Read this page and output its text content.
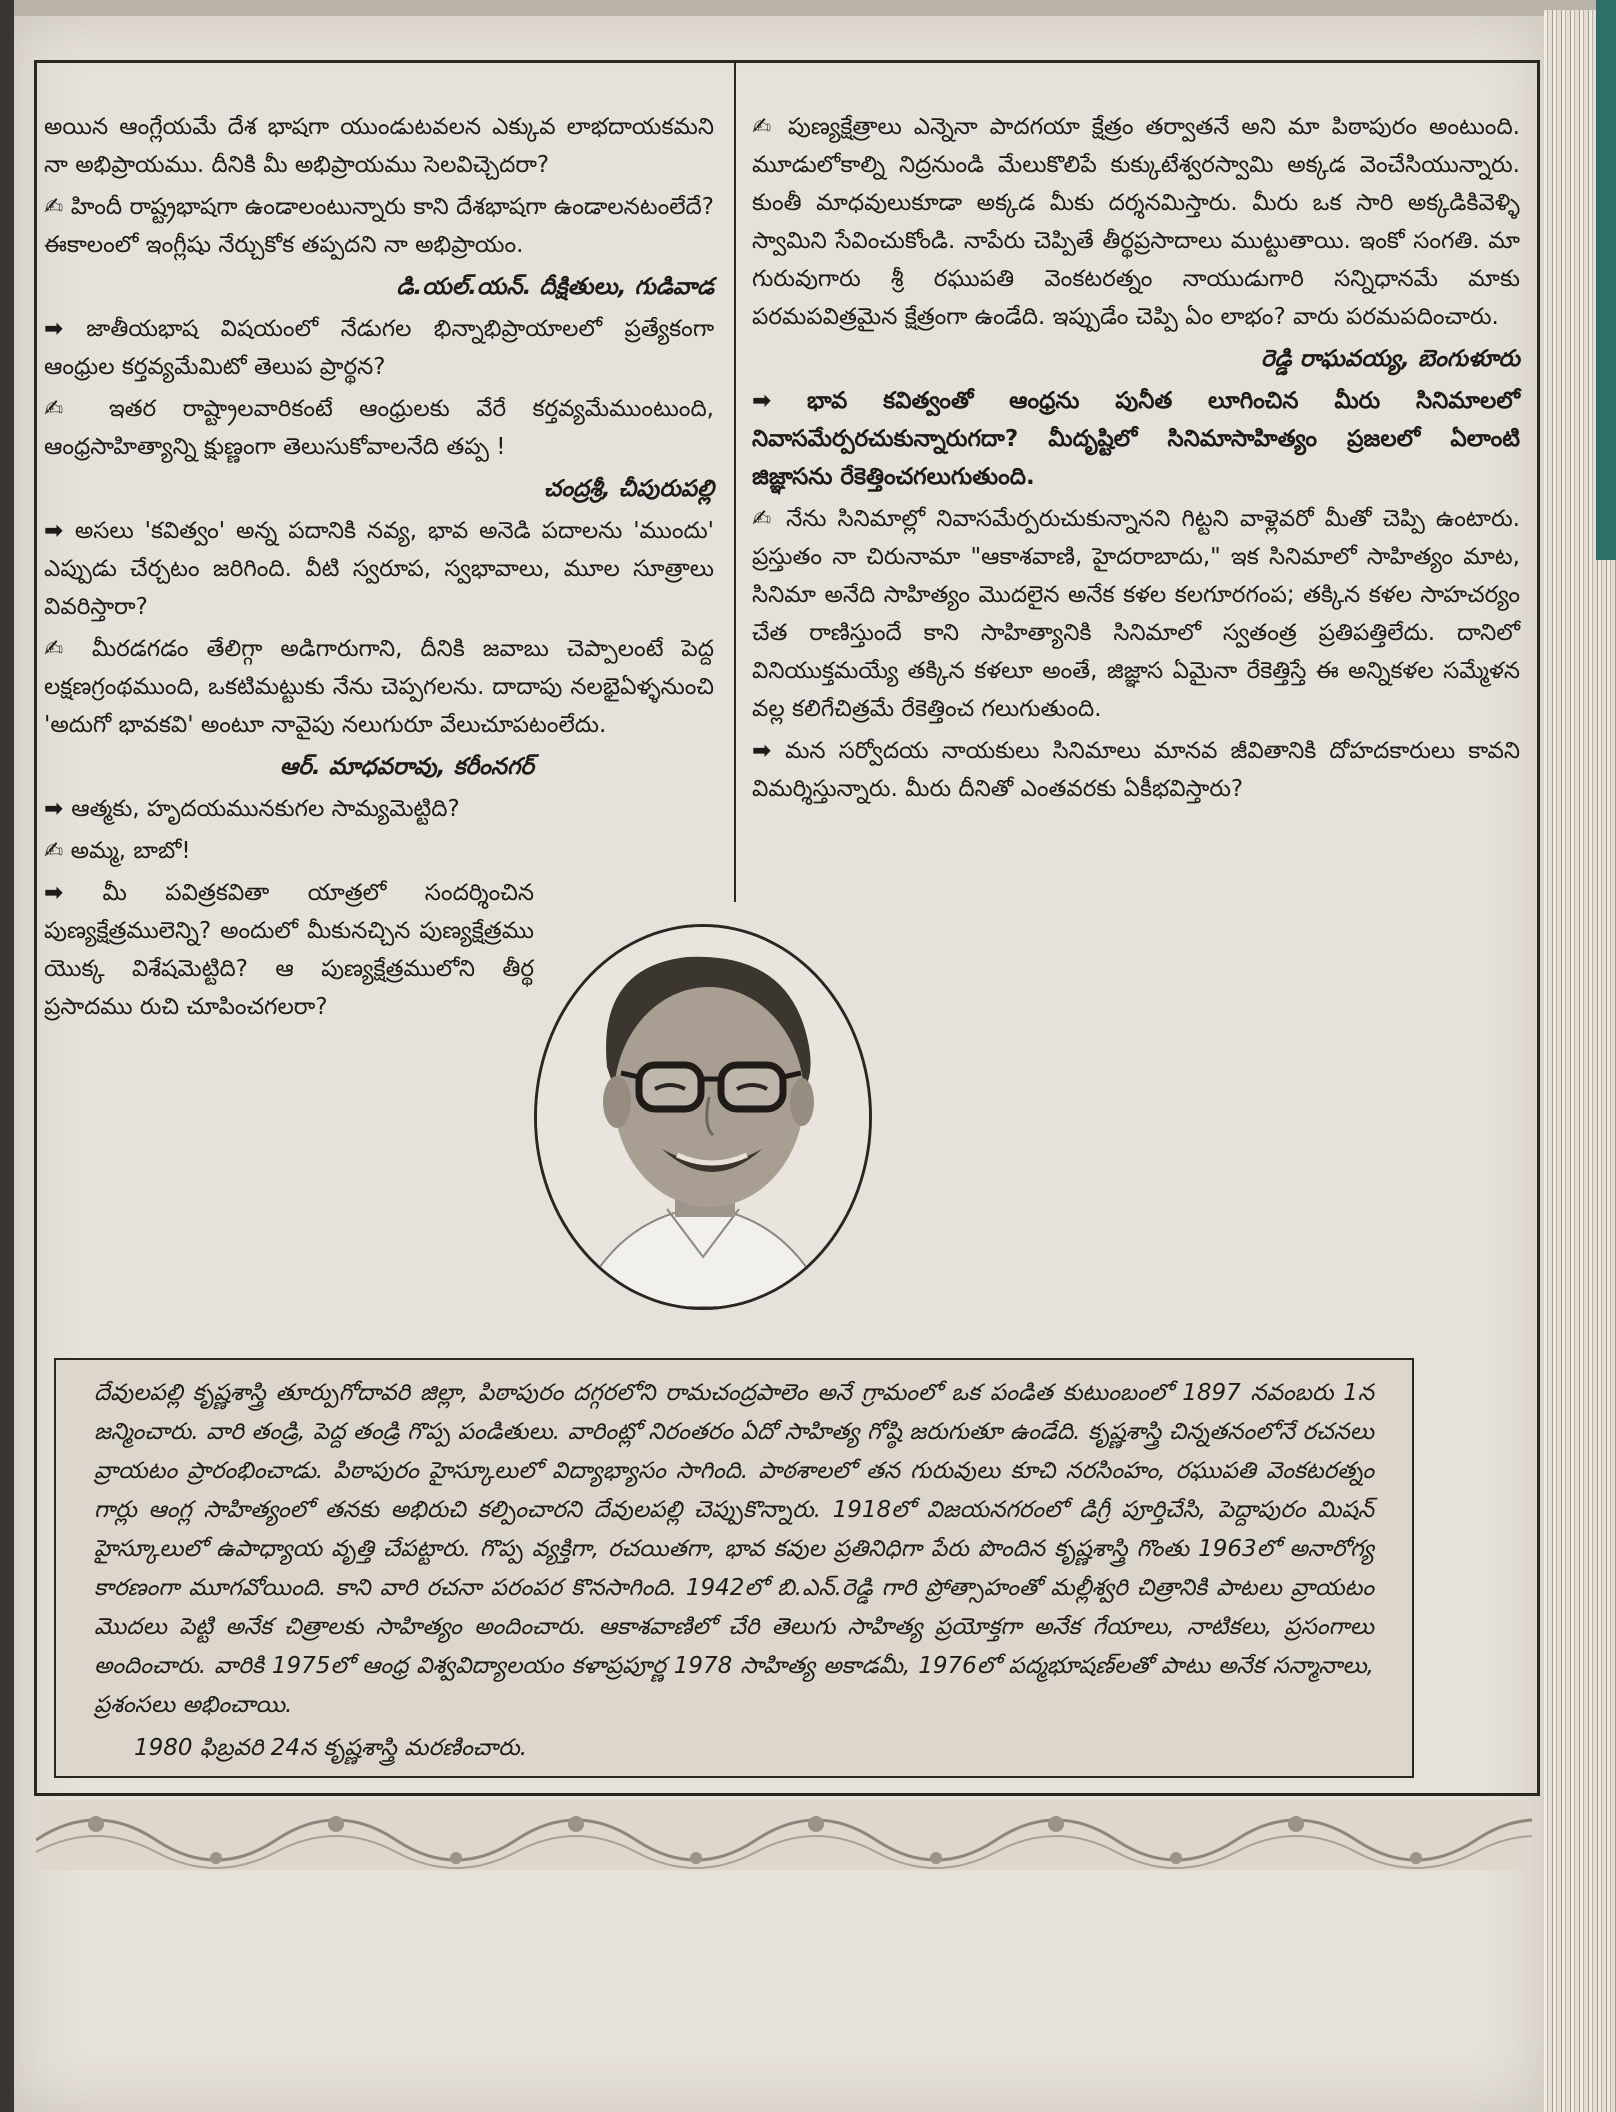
అయిన ఆంగ్లేయమే దేశ భాషగా యుండుటవలన ఎక్కువ లాభదాయకమని నా అభిప్రాయము. దీనికి మీ అభిప్రాయము సెలవిచ్చెదరా?

✍ హిందీ రాష్ట్రభాషగా ఉండాలంటున్నారు కాని దేశభాషగా ఉండాలనటంలేదే? ఈకాలంలో ఇంగ్లీషు నేర్చుకోక తప్పదని నా అభిప్రాయం.

డి.యల్.యన్. దీక్షితులు, గుడివాడ

➡ జాతీయభాష విషయంలో నేడుగల భిన్నాభిప్రాయాలలో ప్రత్యేకంగా ఆంధ్రుల కర్తవ్యమేమిటో తెలుప ప్రార్థన?

✍ ఇతర రాష్ట్రాలవారికంటే ఆంధ్రులకు వేరే కర్తవ్యమేముంటుంది, ఆంధ్రసాహిత్యాన్ని క్షుణ్ణంగా తెలుసుకోవాలనేది తప్ప !

చంద్రశ్రీ, చీపురుపల్లి

➡ అసలు 'కవిత్వం' అన్న పదానికి నవ్య, భావ అనెడి పదాలను 'ముందు' ఎప్పుడు చేర్చటం జరిగింది. వీటి స్వరూప, స్వభావాలు, మూల సూత్రాలు వివరిస్తారా?

✍ మీరడగడం తేలిగ్గా అడిగారుగాని, దీనికి జవాబు చెప్పాలంటే పెద్ద లక్షణగ్రంథముంది, ఒకటిమట్టుకు నేను చెప్పగలను. దాదాపు నలభైఏళ్ళనుంచి 'అదుగో భావకవి' అంటూ నావైపు నలుగురూ వేలుచూపటంలేదు.

ఆర్. మాధవరావు, కరీంనగర్

➡ ఆత్మకు, హృదయమునకుగల సామ్యమెట్టిది?

✍ అమ్మ, బాబో!

➡ మీ పవిత్రకవితా యాత్రలో సందర్శించిన పుణ్యక్షేత్రములెన్ని? అందులో మీకునచ్చిన పుణ్యక్షేత్రము యొక్క విశేషమెట్టిది? ఆ పుణ్యక్షేత్రములోని తీర్థ ప్రసాదము రుచి చూపించగలరా?

✍ పుణ్యక్షేత్రాలు ఎన్నెనా పాదగయా క్షేత్రం తర్వాతనే అని మా పిఠాపురం అంటుంది. మూడులోకాల్ని నిద్రనుండి మేలుకొలిపే కుక్కుటేశ్వరస్వామి అక్కడ వెంచేసియున్నారు. కుంతీ మాధవులుకూడా అక్కడ మీకు దర్శనమిస్తారు. మీరు ఒక సారి అక్కడికివెళ్ళి స్వామిని సేవించుకోండి. నాపేరు చెప్పితే తీర్థప్రసాదాలు ముట్టుతాయి. ఇంకో సంగతి. మా గురువుగారు శ్రీ రఘుపతి వెంకటరత్నం నాయుడుగారి సన్నిధానమే మాకు పరమపవిత్రమైన క్షేత్రంగా ఉండేది. ఇప్పుడేం చెప్పి ఏం లాభం? వారు పరమపదించారు.

రెడ్డి రాఘవయ్య, బెంగుళూరు

➡ భావ కవిత్వంతో ఆంధ్రను పునీత లూగించిన మీరు సినిమాలలో నివాసమేర్పరచుకున్నారుగదా? మీదృష్టిలో సినిమాసాహిత్యం ప్రజలలో ఏలాంటి జిజ్ఞాసను రేకెత్తించగలుగుతుంది.

✍ నేను సినిమాల్లో నివాసమేర్పరుచుకున్నానని గిట్టని వాళ్లెవరో మీతో చెప్పి ఉంటారు. ప్రస్తుతం నా చిరునామా "ఆకాశవాణి, హైదరాబాదు," ఇక సినిమాలో సాహిత్యం మాట, సినిమా అనేది సాహిత్యం మొదలైన అనేక కళల కలగూరగంప; తక్కిన కళల సాహచర్యం చేత రాణిస్తుందే కాని సాహిత్యానికి సినిమాలో స్వతంత్ర ప్రతిపత్తిలేదు. దానిలో వినియుక్తమయ్యే తక్కిన కళలూ అంతే, జిజ్ఞాస ఏమైనా రేకెత్తిస్తే ఈ అన్నికళల సమ్మేళన వల్ల కలిగేచిత్రమే రేకెత్తించ గలుగుతుంది.

➡ మన సర్వోదయ నాయకులు సినిమాలు మానవ జీవితానికి దోహదకారులు కావని విమర్శిస్తున్నారు. మీరు దీనితో ఎంతవరకు ఏకీభవిస్తారు?

దేవులపల్లి కృష్ణశాస్త్రి తూర్పుగోదావరి జిల్లా, పిఠాపురం దగ్గరలోని రామచంద్రపాలెం అనే గ్రామంలో ఒక పండిత కుటుంబంలో 1897 నవంబరు 1న జన్మించారు. వారి తండ్రి, పెద్ద తండ్రి గొప్ప పండితులు. వారింట్లో నిరంతరం ఏదో సాహిత్య గోష్ఠి జరుగుతూ ఉండేది. కృష్ణశాస్త్రి చిన్నతనంలోనే రచనలు వ్రాయటం ప్రారంభించాడు. పిఠాపురం హైస్కూలులో విద్యాభ్యాసం సాగింది. పాఠశాలలో తన గురువులు కూచి నరసింహం, రఘుపతి వెంకటరత్నం గార్లు ఆంగ్ల సాహిత్యంలో తనకు అభిరుచి కల్పించారని దేవులపల్లి చెప్పుకొన్నారు. 1918లో విజయనగరంలో డిగ్రీ పూర్తిచేసి, పెద్దాపురం మిషన్ హైస్కూలులో ఉపాధ్యాయ వృత్తి చేపట్టారు. గొప్ప వ్యక్తిగా, రచయితగా, భావ కవుల ప్రతినిధిగా పేరు పొందిన కృష్ణశాస్త్రి గొంతు 1963లో అనారోగ్య కారణంగా మూగవోయింది. కాని వారి రచనా పరంపర కొనసాగింది. 1942లో బి.ఎన్.రెడ్డి గారి ప్రోత్సాహంతో మల్లీశ్వరి చిత్రానికి పాటలు వ్రాయటం మొదలు పెట్టి అనేక చిత్రాలకు సాహిత్యం అందించారు. ఆకాశవాణిలో చేరి తెలుగు సాహిత్య ప్రయోక్తగా అనేక గేయాలు, నాటికలు, ప్రసంగాలు అందించారు. వారికి 1975లో ఆంధ్ర విశ్వవిద్యాలయం కళాప్రపూర్ణ 1978 సాహిత్య అకాడమీ, 1976లో పద్మభూషణ్‌లతో పాటు అనేక సన్మానాలు, ప్రశంసలు అభించాయి.

1980 ఫిబ్రవరి 24న కృష్ణశాస్త్రి మరణించారు.
